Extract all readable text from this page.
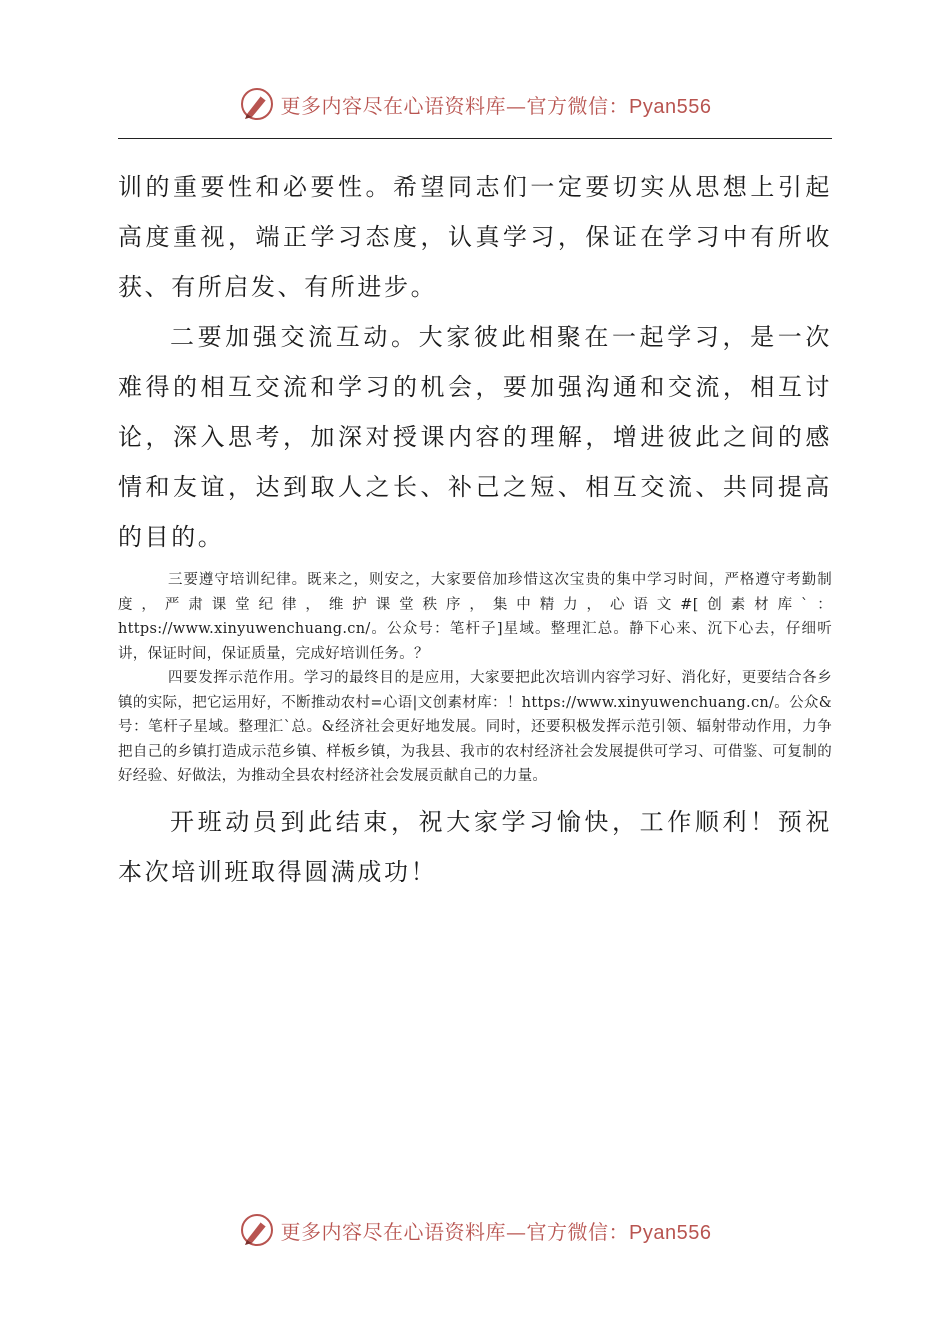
更多内容尽在心语资料库—官方微信：Pyan556

训的重要性和必要性。希望同志们一定要切实从思想上引起高度重视，端正学习态度，认真学习，保证在学习中有所收获、有所启发、有所进步。

二要加强交流互动。大家彼此相聚在一起学习，是一次难得的相互交流和学习的机会，要加强沟通和交流，相互讨论，深入思考，加深对授课内容的理解，增进彼此之间的感情和友谊，达到取人之长、补己之短、相互交流、共同提高的目的。

三要遵守培训纪律。既来之，则安之，大家要倍加珍惜这次宝贵的集中学习时间，严格遵守考勤制度，严肃课堂纪律，维护课堂秩序，集中精力，心语文#[创素材库`：https://www.xinyuwenchuang.cn/。公众号：笔杆子]星域。整理汇总。静下心来、沉下心去，仔细听讲，保证时间，保证质量，完成好培训任务。？

四要发挥示范作用。学习的最终目的是应用，大家要把此次培训内容学习好、消化好，更要结合各乡镇的实际，把它运用好，不断推动农村=心语|文创素材库：！https://www.xinyuwenchuang.cn/。公众&号：笔杆子星域。整理汇`总。&经济社会更好地发展。同时，还要积极发挥示范引领、辐射带动作用，力争把自己的乡镇打造成示范乡镇、样板乡镇，为我县、我市的农村经济社会发展提供可学习、可借鉴、可复制的好经验、好做法，为推动全县农村经济社会发展贡献自己的力量。

开班动员到此结束，祝大家学习愉快，工作顺利！预祝本次培训班取得圆满成功！

更多内容尽在心语资料库—官方微信：Pyan556
